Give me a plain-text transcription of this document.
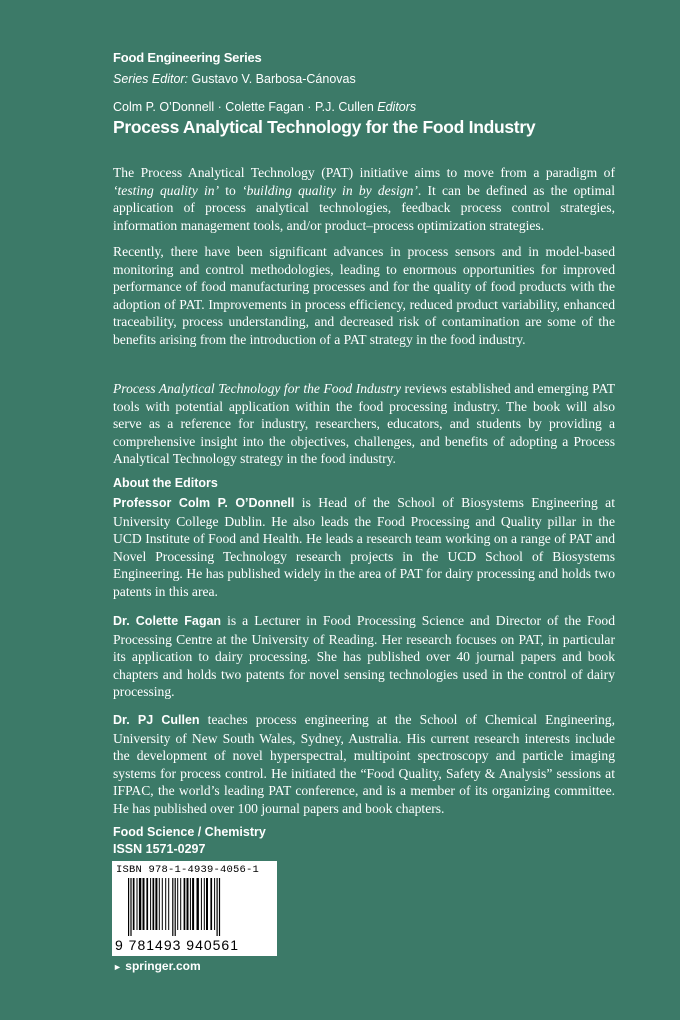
Food Engineering Series
Series Editor: Gustavo V. Barbosa-Cánovas
Colm P. O’Donnell · Colette Fagan · P.J. Cullen Editors
Process Analytical Technology for the Food Industry
The Process Analytical Technology (PAT) initiative aims to move from a paradigm of ‘testing quality in’ to ‘building quality in by design’. It can be defined as the optimal application of process analytical technologies, feedback process control strategies, information management tools, and/or product–process optimization strategies.
Recently, there have been significant advances in process sensors and in model-based monitoring and control methodologies, leading to enormous opportunities for improved performance of food manufacturing processes and for the quality of food products with the adoption of PAT. Improvements in process efficiency, reduced product variability, enhanced traceability, process understanding, and decreased risk of contamination are some of the benefits arising from the introduction of a PAT strategy in the food industry.
Process Analytical Technology for the Food Industry reviews established and emerging PAT tools with potential application within the food processing industry. The book will also serve as a reference for industry, researchers, educators, and students by providing a comprehensive insight into the objectives, challenges, and benefits of adopting a Process Analytical Technology strategy in the food industry.
About the Editors
Professor Colm P. O’Donnell is Head of the School of Biosystems Engineering at University College Dublin. He also leads the Food Processing and Quality pillar in the UCD Institute of Food and Health. He leads a research team working on a range of PAT and Novel Processing Technology research projects in the UCD School of Biosystems Engineering. He has published widely in the area of PAT for dairy processing and holds two patents in this area.
Dr. Colette Fagan is a Lecturer in Food Processing Science and Director of the Food Processing Centre at the University of Reading. Her research focuses on PAT, in particular its application to dairy processing. She has published over 40 journal papers and book chapters and holds two patents for novel sensing technologies used in the control of dairy processing.
Dr. PJ Cullen teaches process engineering at the School of Chemical Engineering, University of New South Wales, Sydney, Australia. His current research interests include the development of novel hyperspectral, multipoint spectroscopy and particle imaging systems for process control. He initiated the “Food Quality, Safety & Analysis” sessions at IFPAC, the world’s leading PAT conference, and is a member of its organizing committee. He has published over 100 journal papers and book chapters.
Food Science / Chemistry
ISSN 1571-0297
ISBN 978-1-4939-4056-1
9 781493 940561
► springer.com
